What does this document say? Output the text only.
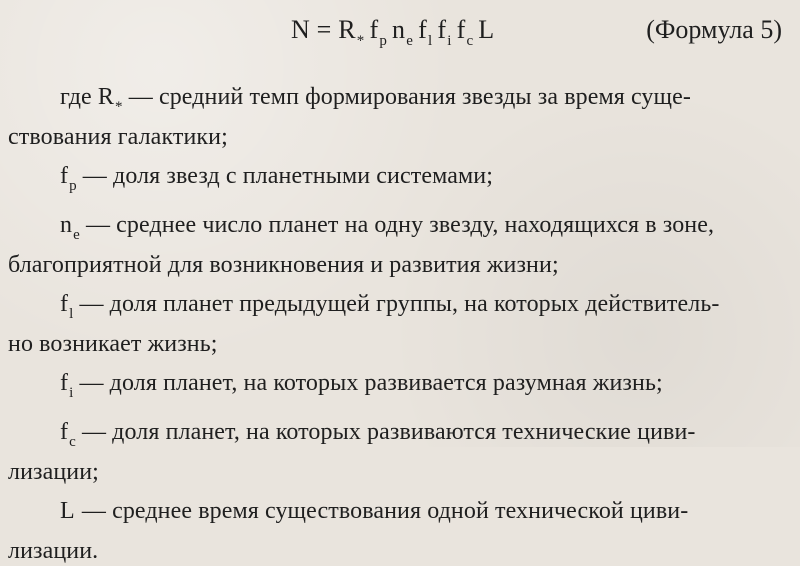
$N = R_*$ $f_p$ $n_e$ $f_l$ $f_i$ $f_c$ L	(Формула 5)
где $R_*$ — средний темп формирования звезды за время суще-
ствования галактики;
$f_p$ — доля звезд с планетными системами;
$n_e$ — среднее число планет на одну звезду, находящихся в зоне,
благоприятной для возникновения и развития жизни;
$f_l$ — доля планет предыдущей группы, на которых действитель-
но возникает жизнь;
$f_i$ — доля планет, на которых развивается разумная жизнь;
$f_c$ — доля планет, на которых развиваются технические циви-
лизации;
L — среднее время существования одной технической циви-
лизации.
